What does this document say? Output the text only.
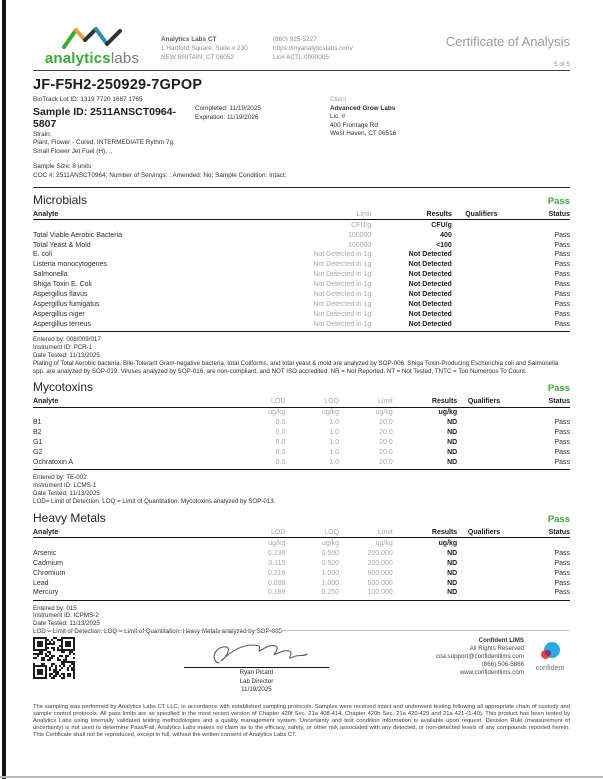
analyticslabs
Analytics Labs CT
1 Hartford Square, Suite # 230
NEW BRITAIN, CT 06052
(860) 925-5227
https://myanalyticslabs.com/
Lic# ACTL 0000005
Certificate of Analysis
5 of 5
JF-F5H2-250929-7GPOP
BioTrack Lot ID: 1319 7720 1687 1765
Sample ID: 2511ANSCT0964-5807
Strain:
Plant, Flower - Cured, INTERMEDIATE Rythm 7g
Small Flower Jet Fuel (H), .,
Completed: 11/19/2025
Expiration: 11/19/2026
Client
Advanced Grow Labs
Lic. #
400 Frontage Rd
West Haven, CT 06516
Sample Size: 8 units
COC #: 2511ANSCT0964; Number of Servings: ; Amended: No; Sample Condition: Intact;
Microbials	Pass
Analyte	Limit	Results	Qualifiers	Status
	CFU/g	CFU/g		
Total Viable Aerobic Bacteria	100000	400		Pass
Total Yeast & Mold	100000	<100		Pass
E. coli	Not Detected in 1g	Not Detected		Pass
Listeria monocytogenes	Not Detected in 1g	Not Detected		Pass
Salmonella	Not Detected in 1g	Not Detected		Pass
Shiga Toxin E. Coli	Not Detected in 1g	Not Detected		Pass
Aspergillus flavus	Not Detected in 1g	Not Detected		Pass
Aspergillus fumigatus	Not Detected in 1g	Not Detected		Pass
Aspergillus niger	Not Detected in 1g	Not Detected		Pass
Aspergillus terreus	Not Detected in 1g	Not Detected		Pass
Entered by: 008/009/017
Instrument ID: PCR-1
Date Tested: 11/13/2025
Plating of Total Aerobic bacteria, Bile-Tolerant Gram-negative bacteria, total Coliforms, and total yeast & mold are analyzed by SOP-006. Shiga Toxin-Producing Escherichia coli and Salmonella spp. are analyzed by SOP-019. Viruses analyzed by SOP-016, are non-compliant, and NOT ISO accredited. NR = Not Reported, NT = Not Tested, TNTC = Too Numerous To Count.
Mycotoxins	Pass
Analyte	LOD	LOQ	Limit	Results	Qualifiers	Status
	ug/kg	ug/kg	ug/kg	ug/kg		
B1	0.0	1.0	20.0	ND		Pass
B2	0.0	1.0	20.0	ND		Pass
G1	0.0	1.0	20.0	ND		Pass
G2	0.0	1.0	20.0	ND		Pass
Ochratoxin A	0.0	1.0	20.0	ND		Pass
Entered by: TE-002
Instrument ID: LCMS-1
Date Tested: 11/13/2025
LOD= Limit of Detection. LOQ = Limit of Quantitation. Mycotoxins analyzed by SOP-013.
Heavy Metals	Pass
Analyte	LOD	LOQ	Limit	Results	Qualifiers	Status
	ug/kg	ug/kg	ug/kg	ug/kg		
Arsenic	0.236	0.500	200.000	ND		Pass
Cadmium	0.115	0.500	200.000	ND		Pass
Chromium	0.216	1.000	600.000	ND		Pass
Lead	0.088	1.000	500.000	ND		Pass
Mercury	0.188	0.250	100.000	ND		Pass
Entered by: 015
Instrument ID: ICPMS-2
Date Tested: 11/13/2025
LOD = Limit of Detection. LOQ = Limit of Quantitation. Heavy Metals analyzed by SOP-005
Ryan Picard
Lab Director
11/19/2025
Confident LIMS
All Rights Reserved
coa.support@confidentlims.com
(866) 506-5866
www.confidentlims.com
confident
The sampling was performed by Analytics Labs CT LLC, in accordance with established sampling protocols. Samples were received intact and underwent testing following all appropriate chain of custody and sample control protocols. All pass limits are as specified in the most recent version of Chapter 420f Sec. 21a 408-414, Chapter 420h Sec. 21a 420-429 and 21a 421-(1-40). This product has been tested by Analytics Labs using internally validated testing methodologies and a quality management system. Uncertainty and test condition information is available upon request. Decision Rule (measurement of uncertainty) is not used to determine Pass/Fail. Analytics Labs makes no claim as to the efficacy, safety, or other risk associated with any detected, or non-detected levels of any compounds reported herein. This Certificate shall not be reproduced, except in full, without the written consent of Analytics Labs CT.
